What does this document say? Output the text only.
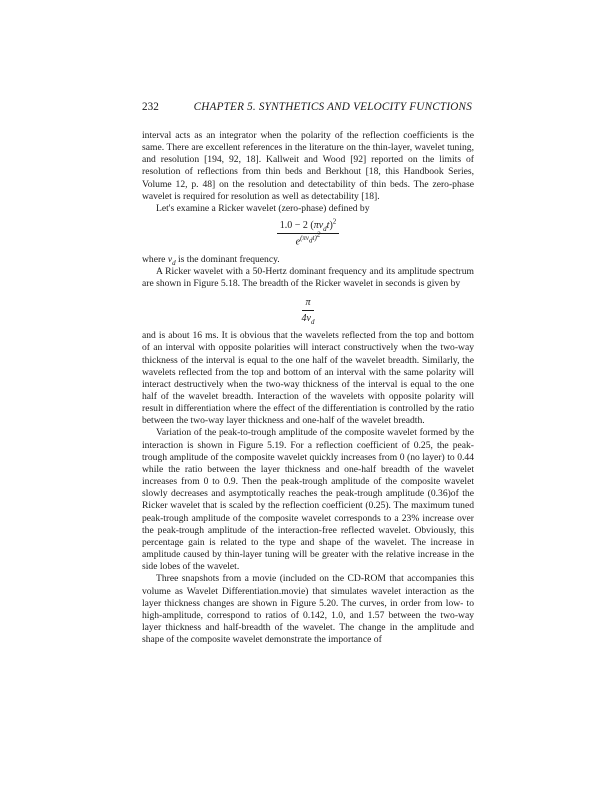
232	CHAPTER 5. SYNTHETICS AND VELOCITY FUNCTIONS

interval acts as an integrator when the polarity of the reflection coefficients is the same. There are excellent references in the literature on the thin-layer, wavelet tuning, and resolution [194, 92, 18]. Kallweit and Wood [92] reported on the limits of resolution of reflections from thin beds and Berkhout [18, this Handbook Series, Volume 12, p. 48] on the resolution and detectability of thin beds. The zero-phase wavelet is required for resolution as well as detectability [18].

Let's examine a Ricker wavelet (zero-phase) defined by

$\frac{1.0 - 2 (\pi\nu_dt)^2}{e^{(\pi\nu_dt)^2}}$

where $\nu_d$ is the dominant frequency.

A Ricker wavelet with a 50-Hertz dominant frequency and its amplitude spectrum are shown in Figure 5.18. The breadth of the Ricker wavelet in seconds is given by

$\frac{\pi}{4\nu_d}$

and is about 16 ms. It is obvious that the wavelets reflected from the top and bottom of an interval with opposite polarities will interact constructively when the two-way thickness of the interval is equal to the one half of the wavelet breadth. Similarly, the wavelets reflected from the top and bottom of an interval with the same polarity will interact destructively when the two-way thickness of the interval is equal to the one half of the wavelet breadth. Interaction of the wavelets with opposite polarity will result in differentiation where the effect of the differentiation is controlled by the ratio between the two-way layer thickness and one-half of the wavelet breadth.

Variation of the peak-to-trough amplitude of the composite wavelet formed by the interaction is shown in Figure 5.19. For a reflection coefficient of 0.25, the peak-trough amplitude of the composite wavelet quickly increases from 0 (no layer) to 0.44 while the ratio between the layer thickness and one-half breadth of the wavelet increases from 0 to 0.9. Then the peak-trough amplitude of the composite wavelet slowly decreases and asymptotically reaches the peak-trough amplitude (0.36)of the Ricker wavelet that is scaled by the reflection coefficient (0.25). The maximum tuned peak-trough amplitude of the composite wavelet corresponds to a 23% increase over the peak-trough amplitude of the interaction-free reflected wavelet. Obviously, this percentage gain is related to the type and shape of the wavelet. The increase in amplitude caused by thin-layer tuning will be greater with the relative increase in the side lobes of the wavelet.

Three snapshots from a movie (included on the CD-ROM that accompanies this volume as Wavelet Differentiation.movie) that simulates wavelet interaction as the layer thickness changes are shown in Figure 5.20. The curves, in order from low- to high-amplitude, correspond to ratios of 0.142, 1.0, and 1.57 between the two-way layer thickness and half-breadth of the wavelet. The change in the amplitude and shape of the composite wavelet demonstrate the importance of
